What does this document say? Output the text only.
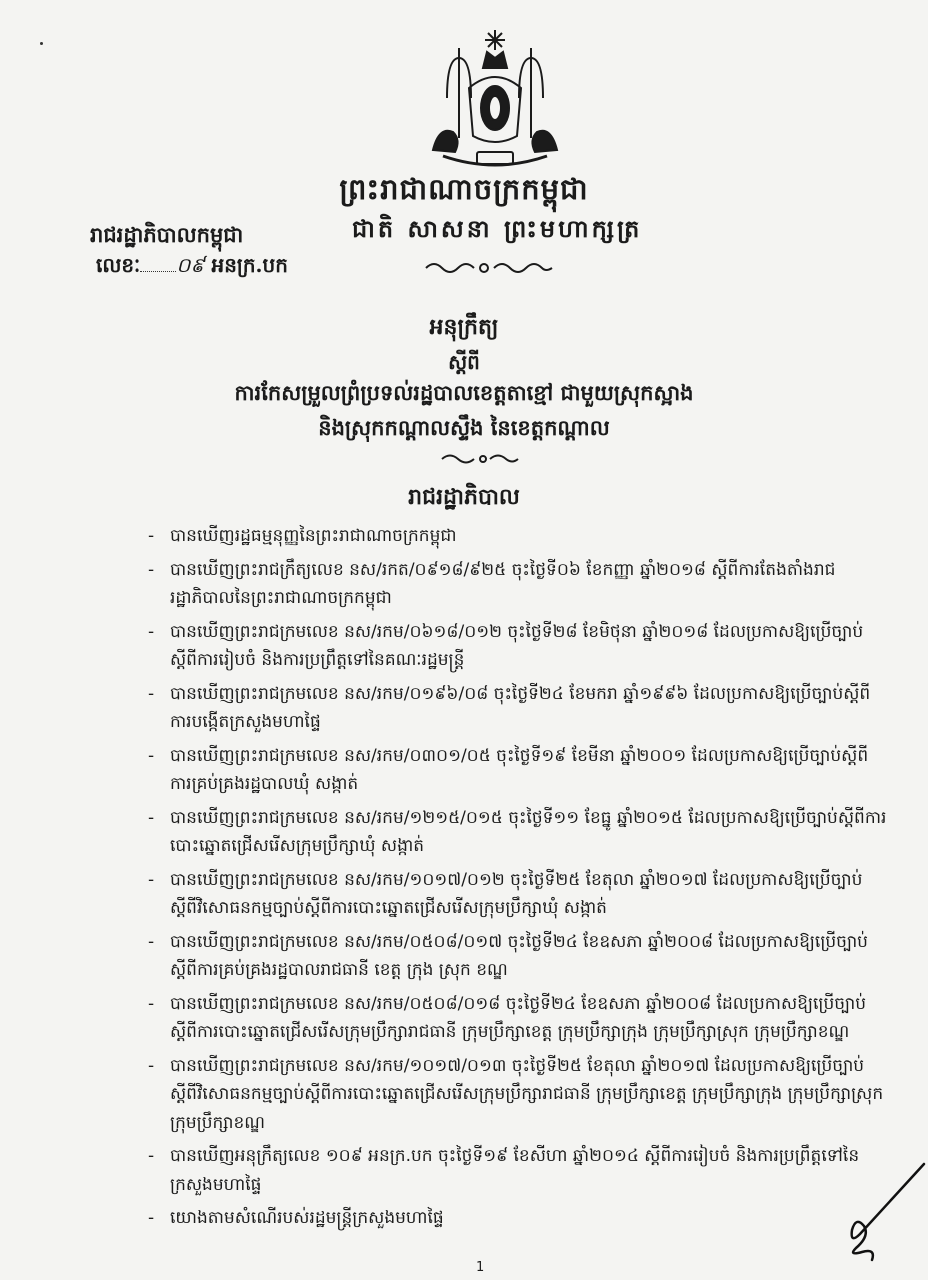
ព្រះរាជាណាចក្រកម្ពុជា
រាជរដ្ឋាភិបាលកម្ពុជា	ជាតិ សាសនា ព្រះមហាក្សត្រ
លេខៈ ០៩ អនក្រ.បក
អនុក្រឹត្យ
ស្តីពី
ការកែសម្រួលព្រំប្រទល់រដ្ឋបាលខេត្តតាខ្មៅ ជាមួយស្រុកស្អាង
និងស្រុកកណ្តាលស្ទឹង នៃខេត្តកណ្តាល
រាជរដ្ឋាភិបាល
- បានឃើញរដ្ឋធម្មនុញ្ញនៃព្រះរាជាណាចក្រកម្ពុជា
- បានឃើញព្រះរាជក្រឹត្យលេខ នស/រកត/០៩១៨/៩២៥ ចុះថ្ងៃទី០៦ ខែកញ្ញា ឆ្នាំ២០១៨ ស្តីពីការតែងតាំងរាជរដ្ឋាភិបាលនៃព្រះរាជាណាចក្រកម្ពុជា
- បានឃើញព្រះរាជក្រមលេខ នស/រកម/០៦១៨/០១២ ចុះថ្ងៃទី២៨ ខែមិថុនា ឆ្នាំ២០១៨ ដែលប្រកាសឱ្យប្រើច្បាប់ស្តីពីការរៀបចំ និងការប្រព្រឹត្តទៅនៃគណៈរដ្ឋមន្ត្រី
- បានឃើញព្រះរាជក្រមលេខ នស/រកម/០១៩៦/០៨ ចុះថ្ងៃទី២៤ ខែមករា ឆ្នាំ១៩៩៦ ដែលប្រកាសឱ្យប្រើច្បាប់ស្តីពីការបង្កើតក្រសួងមហាផ្ទៃ
- បានឃើញព្រះរាជក្រមលេខ នស/រកម/០៣០១/០៥ ចុះថ្ងៃទី១៩ ខែមីនា ឆ្នាំ២០០១ ដែលប្រកាសឱ្យប្រើច្បាប់ស្តីពីការគ្រប់គ្រងរដ្ឋបាលឃុំ សង្កាត់
- បានឃើញព្រះរាជក្រមលេខ នស/រកម/១២១៥/០១៥ ចុះថ្ងៃទី១១ ខែធ្នូ ឆ្នាំ២០១៥ ដែលប្រកាសឱ្យប្រើច្បាប់ស្តីពីការបោះឆ្នោតជ្រើសរើសក្រុមប្រឹក្សាឃុំ សង្កាត់
- បានឃើញព្រះរាជក្រមលេខ នស/រកម/១០១៧/០១២ ចុះថ្ងៃទី២៥ ខែតុលា ឆ្នាំ២០១៧ ដែលប្រកាសឱ្យប្រើច្បាប់ស្តីពីវិសោធនកម្មច្បាប់ស្តីពីការបោះឆ្នោតជ្រើសរើសក្រុមប្រឹក្សាឃុំ សង្កាត់
- បានឃើញព្រះរាជក្រមលេខ នស/រកម/០៥០៨/០១៧ ចុះថ្ងៃទី២៤ ខែឧសភា ឆ្នាំ២០០៨ ដែលប្រកាសឱ្យប្រើច្បាប់ស្តីពីការគ្រប់គ្រងរដ្ឋបាលរាជធានី ខេត្ត ក្រុង ស្រុក ខណ្ឌ
- បានឃើញព្រះរាជក្រមលេខ នស/រកម/០៥០៨/០១៨ ចុះថ្ងៃទី២៤ ខែឧសភា ឆ្នាំ២០០៨ ដែលប្រកាសឱ្យប្រើច្បាប់ស្តីពីការបោះឆ្នោតជ្រើសរើសក្រុមប្រឹក្សារាជធានី ក្រុមប្រឹក្សាខេត្ត ក្រុមប្រឹក្សាក្រុង ក្រុមប្រឹក្សាស្រុក ក្រុមប្រឹក្សាខណ្ឌ
- បានឃើញព្រះរាជក្រមលេខ នស/រកម/១០១៧/០១៣ ចុះថ្ងៃទី២៥ ខែតុលា ឆ្នាំ២០១៧ ដែលប្រកាសឱ្យប្រើច្បាប់ស្តីពីវិសោធនកម្មច្បាប់ស្តីពីការបោះឆ្នោតជ្រើសរើសក្រុមប្រឹក្សារាជធានី ក្រុមប្រឹក្សាខេត្ត ក្រុមប្រឹក្សាក្រុង ក្រុមប្រឹក្សាស្រុក ក្រុមប្រឹក្សាខណ្ឌ
- បានឃើញអនុក្រឹត្យលេខ ១០៩ អនក្រ.បក ចុះថ្ងៃទី១៩ ខែសីហា ឆ្នាំ២០១៤ ស្តីពីការរៀបចំ និងការប្រព្រឹត្តទៅនៃក្រសួងមហាផ្ទៃ
- យោងតាមសំណើរបស់រដ្ឋមន្ត្រីក្រសួងមហាផ្ទៃ
1
